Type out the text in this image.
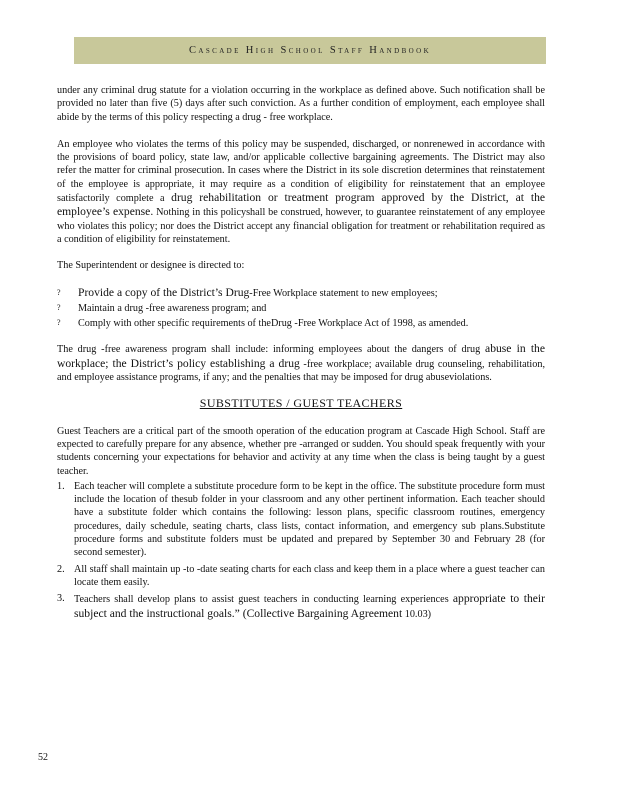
Cascade High School Staff Handbook

under any criminal drug statute for a violation occurring in the workplace as defined above. Such notification shall be provided no later than five (5) days after such conviction. As a further condition of employment, each employee shall abide by the terms of this policy respecting a drug - free workplace.

An employee who violates the terms of this policy may be suspended, discharged, or nonrenewed in accordance with the provisions of board policy, state law, and/or applicable collective bargaining agreements. The District may also refer the matter for criminal prosecution. In cases where the District in its sole discretion determines that reinstatement of the employee is appropriate, it may require as a condition of eligibility for reinstatement that an employee satisfactorily complete a drug rehabilitation or treatment program approved by the District, at the employee’s expense. Nothing in this policyshall be construed, however, to guarantee reinstatement of any employee who violates this policy; nor does the District accept any financial obligation for treatment or rehabilitation required as a condition of eligibility for reinstatement.

The Superintendent or designee is directed to:

?	Provide a copy of the District’s Drug-Free Workplace statement to new employees;
?	Maintain a drug -free awareness program; and
?	Comply with other specific requirements of theDrug -Free Workplace Act of 1998, as amended.

The drug -free awareness program shall include: informing employees about the dangers of drug abuse in the workplace; the District’s policy establishing a drug -free workplace; available drug counseling, rehabilitation, and employee assistance programs, if any; and the penalties that may be imposed for drug abuseviolations.

SUBSTITUTES / GUEST TEACHERS

Guest Teachers are a critical part of the smooth operation of the education program at Cascade High School. Staff are expected to carefully prepare for any absence, whether pre -arranged or sudden. You should speak frequently with your students concerning your expectations for behavior and activity at any time when the class is being taught by a guest teacher.

1. Each teacher will complete a substitute procedure form to be kept in the office. The substitute procedure form must include the location of thesub folder in your classroom and any other pertinent information. Each teacher should have a substitute folder which contains the following: lesson plans, specific classroom routines, emergency procedures, daily schedule, seating charts, class lists, contact information, and emergency sub plans.Substitute procedure forms and substitute folders must be updated and prepared by September 30 and February 28 (for second semester).
2. All staff shall maintain up -to -date seating charts for each class and keep them in a place where a guest teacher can locate them easily.
3. Teachers shall develop plans to assist guest teachers in conducting learning experiences appropriate to their subject and the instructional goals.” (Collective Bargaining Agreement 10.03)
52
